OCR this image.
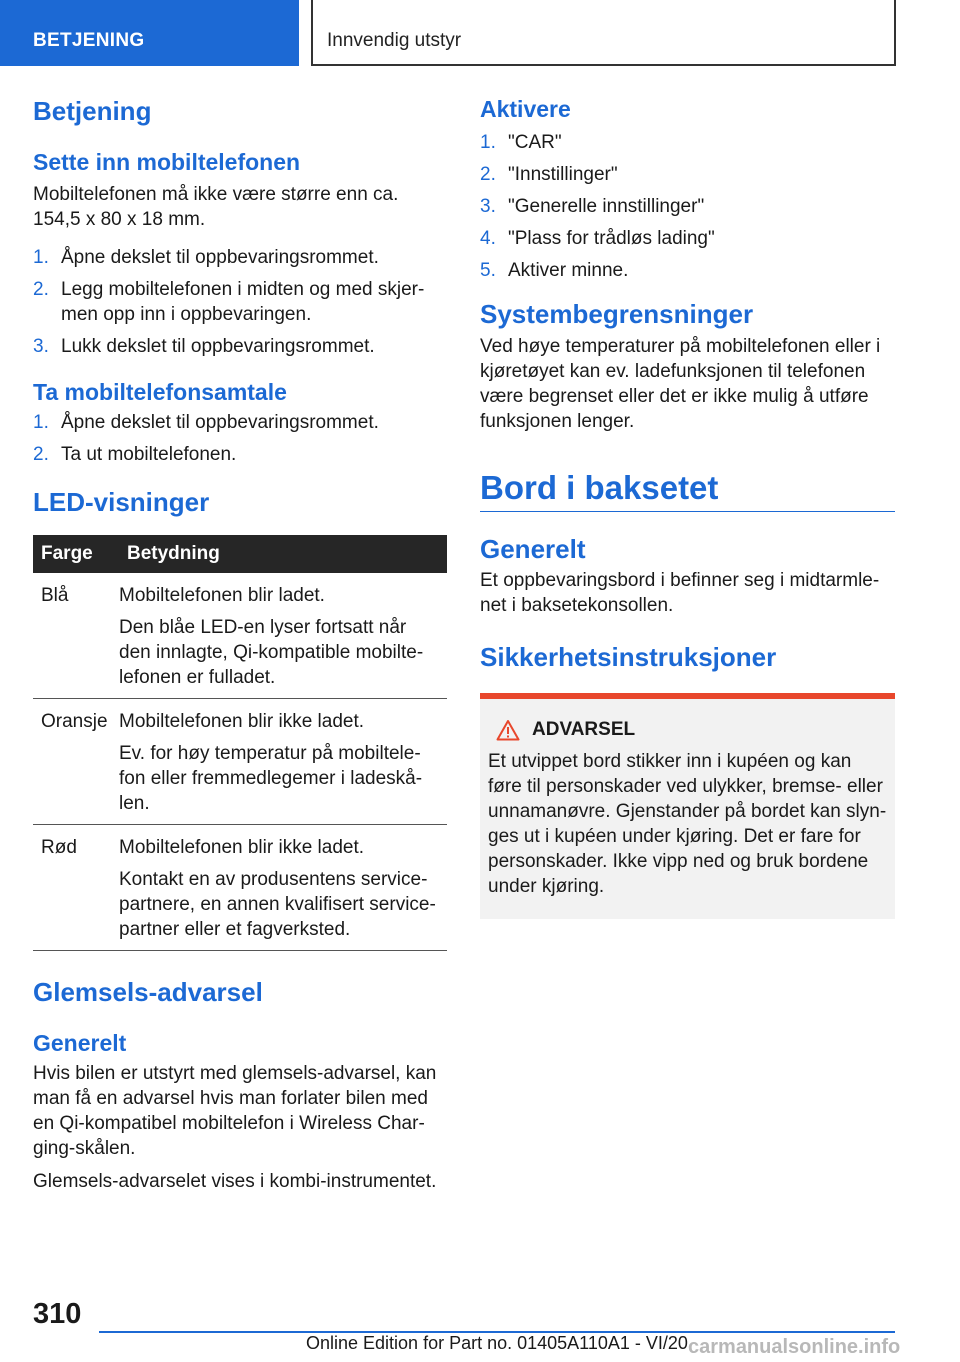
BETJENING	Innvendig utstyr
Betjening
Sette inn mobiltelefonen
Mobiltelefonen må ikke være større enn ca. 154,5 x 80 x 18 mm.
1. Åpne dekslet til oppbevaringsrommet.
2. Legg mobiltelefonen i midten og med skjermen opp inn i oppbevaringen.
3. Lukk dekslet til oppbevaringsrommet.
Ta mobiltelefonsamtale
1. Åpne dekslet til oppbevaringsrommet.
2. Ta ut mobiltelefonen.
LED-visninger
Farge	Betydning
Blå	Mobiltelefonen blir ladet.
Den blåe LED-en lyser fortsatt når den innlagte, Qi-kompatible mobiltelefonen er fulladet.

Oransje	Mobiltelefonen blir ikke ladet.
Ev. for høy temperatur på mobiltelefon eller fremmedlegemer i ladeskålen.

Rød	Mobiltelefonen blir ikke ladet.
Kontakt en av produsentens servicepartnere, en annen kvalifisert servicepartner eller et fagverksted.
Glemsels-advarsel
Generelt
Hvis bilen er utstyrt med glemsels-advarsel, kan man få en advarsel hvis man forlater bilen med en Qi-kompatibel mobiltelefon i Wireless Charging-skålen.
Glemsels-advarselet vises i kombi-instrumentet.
Aktivere
1. "CAR"
2. "Innstillinger"
3. "Generelle innstillinger"
4. "Plass for trådløs lading"
5. Aktiver minne.
Systembegrensninger
Ved høye temperaturer på mobiltelefonen eller i kjøretøyet kan ev. ladefunksjonen til telefonen være begrenset eller det er ikke mulig å utføre funksjonen lenger.
Bord i baksetet
Generelt
Et oppbevaringsbord i befinner seg i midtarmlenet i baksetekonsollen.
Sikkerhetsinstruksjoner
ADVARSEL
Et utvippet bord stikker inn i kupéen og kan føre til personskader ved ulykker, bremse- eller unnamanøvre. Gjenstander på bordet kan slynges ut i kupéen under kjøring. Det er fare for personskader. Ikke vipp ned og bruk bordene under kjøring.
310
Online Edition for Part no. 01405A110A1 - VI/20 carmanualsonline.info
